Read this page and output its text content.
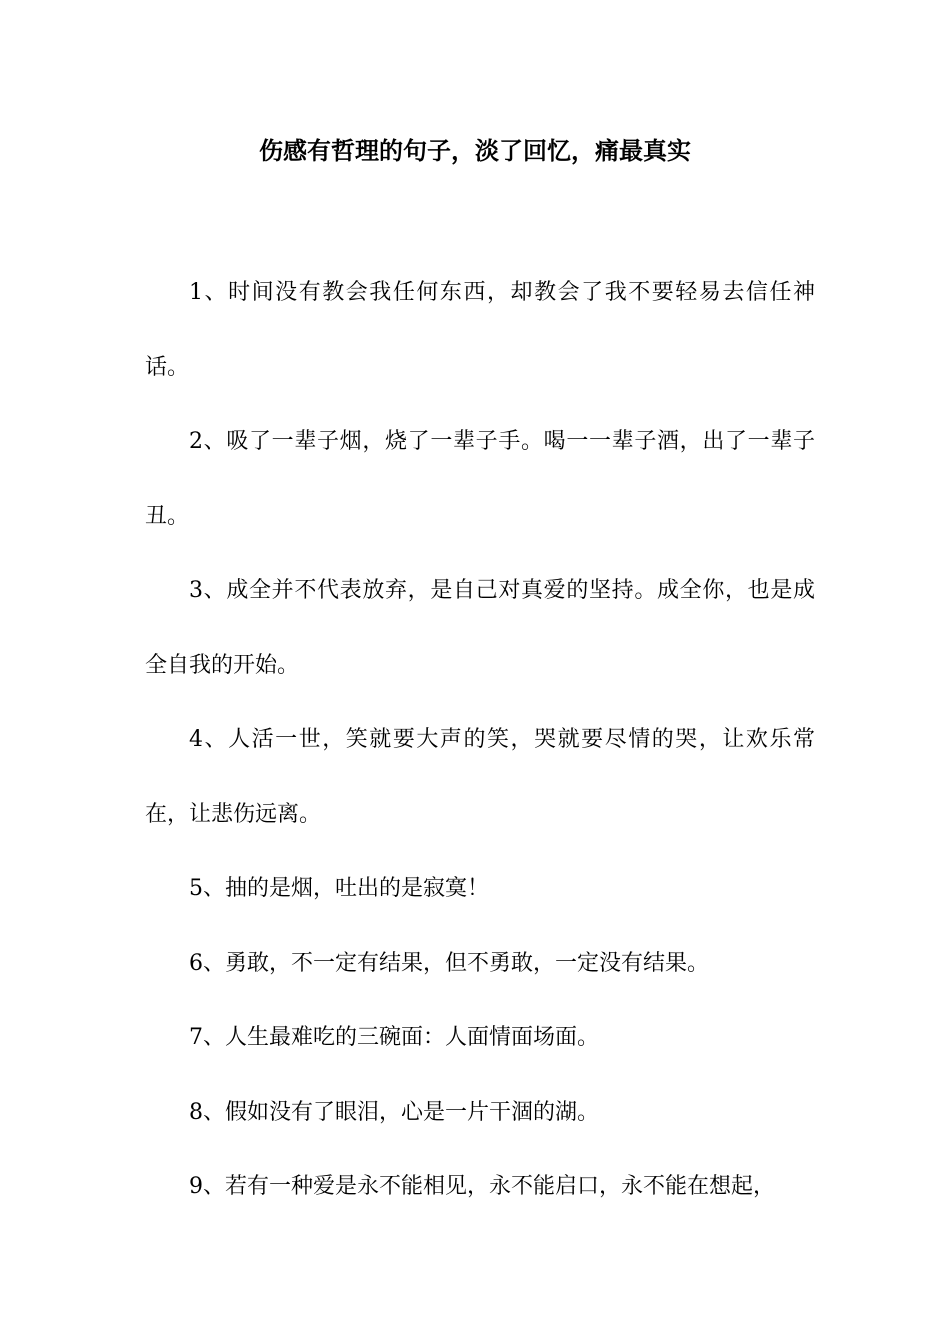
伤感有哲理的句子，淡了回忆，痛最真实

1、时间没有教会我任何东西，却教会了我不要轻易去信任神话。

2、吸了一辈子烟，烧了一辈子手。喝一一辈子酒，出了一辈子丑。

3、成全并不代表放弃，是自己对真爱的坚持。成全你，也是成全自我的开始。

4、人活一世，笑就要大声的笑，哭就要尽情的哭，让欢乐常在，让悲伤远离。

5、抽的是烟，吐出的是寂寞！

6、勇敢，不一定有结果，但不勇敢，一定没有结果。

7、人生最难吃的三碗面：人面情面场面。

8、假如没有了眼泪，心是一片干涸的湖。

9、若有一种爱是永不能相见，永不能启口，永不能在想起，
